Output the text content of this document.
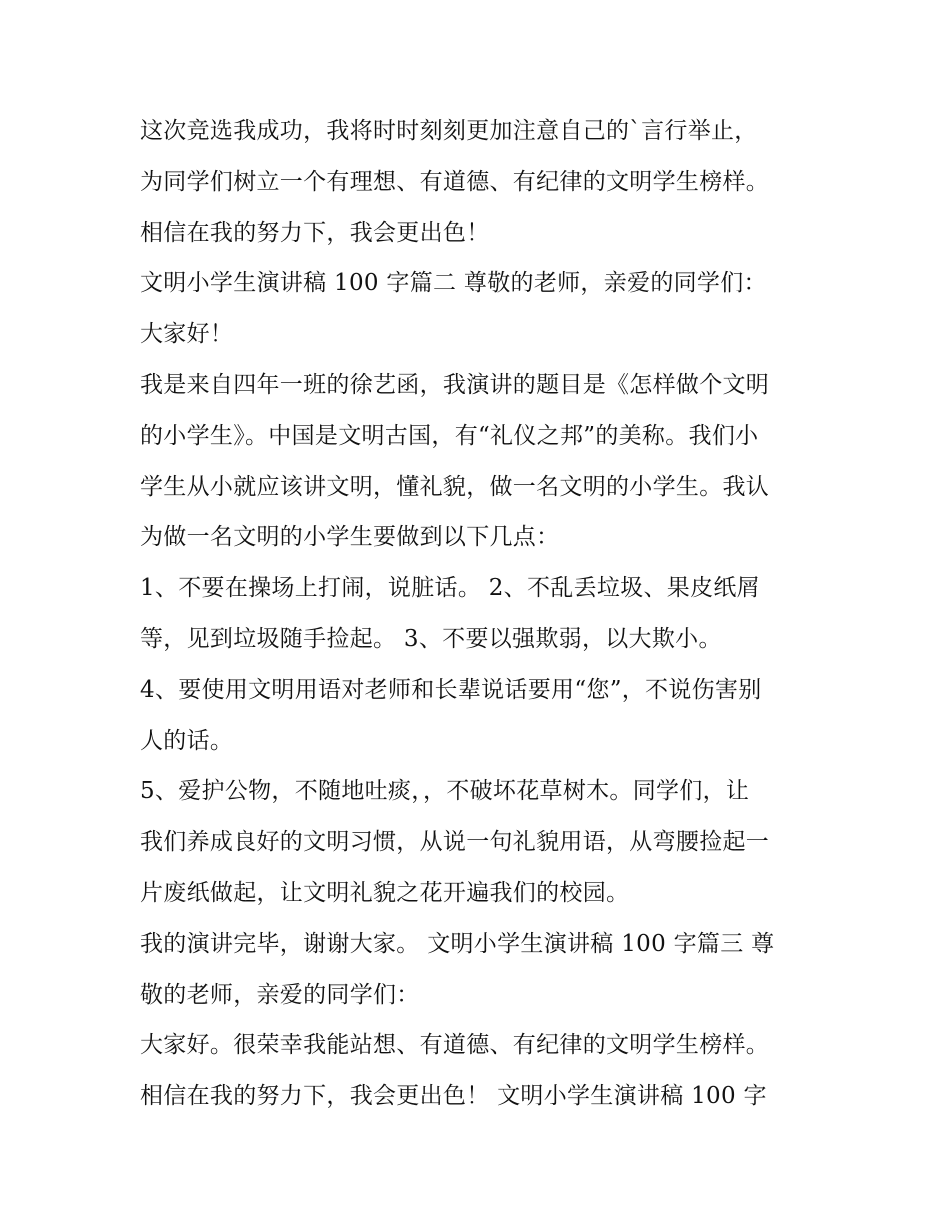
这次竞选我成功，我将时时刻刻更加注意自己的`言行举止，
为同学们树立一个有理想、有道德、有纪律的文明学生榜样。
相信在我的努力下，我会更出色！
文明小学生演讲稿 100 字篇二 尊敬的老师，亲爱的同学们：
大家好！
我是来自四年一班的徐艺函，我演讲的题目是《怎样做个文明
的小学生》。中国是文明古国，有“礼仪之邦”的美称。我们小
学生从小就应该讲文明，懂礼貌，做一名文明的小学生。我认
为做一名文明的小学生要做到以下几点：
1、不要在操场上打闹，说脏话。 2、不乱丢垃圾、果皮纸屑
等，见到垃圾随手捡起。 3、不要以强欺弱，以大欺小。
4、要使用文明用语对老师和长辈说话要用“您”，不说伤害别
人的话。
5、爱护公物，不随地吐痰，，不破坏花草树木。同学们，让
我们养成良好的文明习惯，从说一句礼貌用语，从弯腰捡起一
片废纸做起，让文明礼貌之花开遍我们的校园。
我的演讲完毕，谢谢大家。 文明小学生演讲稿 100 字篇三 尊
敬的老师，亲爱的同学们：
大家好。很荣幸我能站想、有道德、有纪律的文明学生榜样。
相信在我的努力下，我会更出色！ 文明小学生演讲稿 100 字
